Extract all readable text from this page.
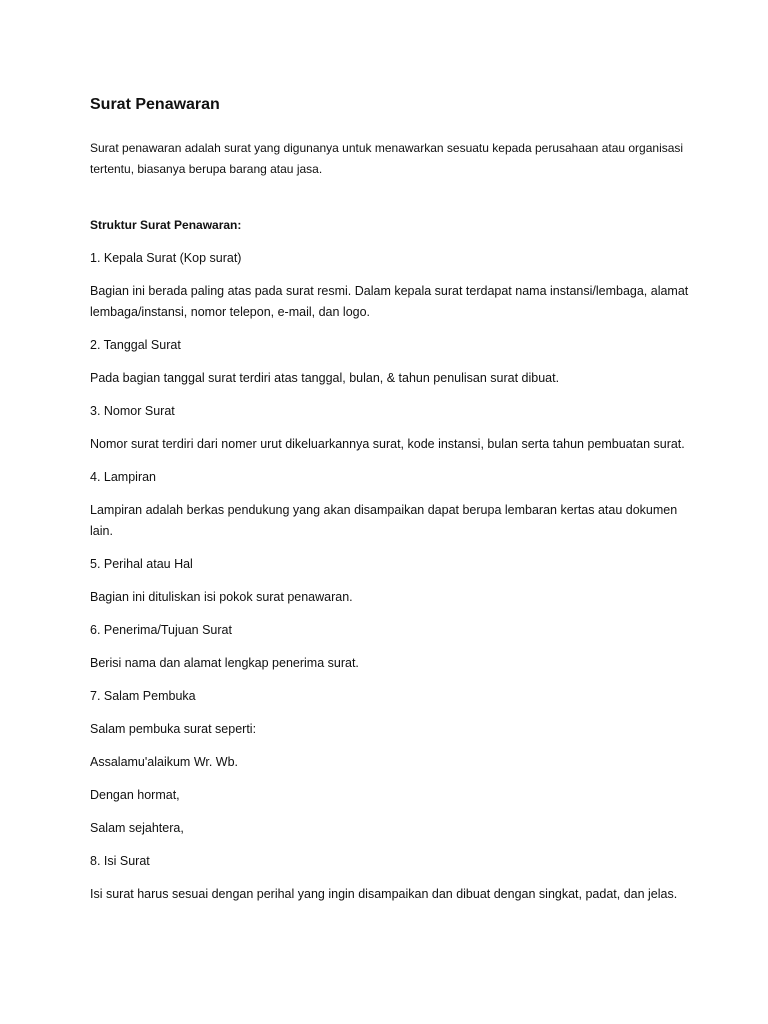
Surat Penawaran

Surat penawaran adalah surat yang digunanya untuk menawarkan sesuatu kepada perusahaan atau organisasi tertentu, biasanya berupa barang atau jasa.

Struktur Surat Penawaran:

1. Kepala Surat (Kop surat)

Bagian ini berada paling atas pada surat resmi. Dalam kepala surat terdapat nama instansi/lembaga, alamat lembaga/instansi, nomor telepon, e-mail, dan logo.

2. Tanggal Surat

Pada bagian tanggal surat terdiri atas tanggal, bulan, & tahun penulisan surat dibuat.

3. Nomor Surat

Nomor surat terdiri dari nomer urut dikeluarkannya surat, kode instansi, bulan serta tahun pembuatan surat.

4. Lampiran

Lampiran adalah berkas pendukung yang akan disampaikan dapat berupa lembaran kertas atau dokumen lain.

5. Perihal atau Hal

Bagian ini dituliskan isi pokok surat penawaran.

6. Penerima/Tujuan Surat

Berisi nama dan alamat lengkap penerima surat.

7. Salam Pembuka

Salam pembuka surat seperti:

Assalamu'alaikum Wr. Wb.

Dengan hormat,

Salam sejahtera,

8. Isi Surat

Isi surat harus sesuai dengan perihal yang ingin disampaikan dan dibuat dengan singkat, padat, dan jelas.
